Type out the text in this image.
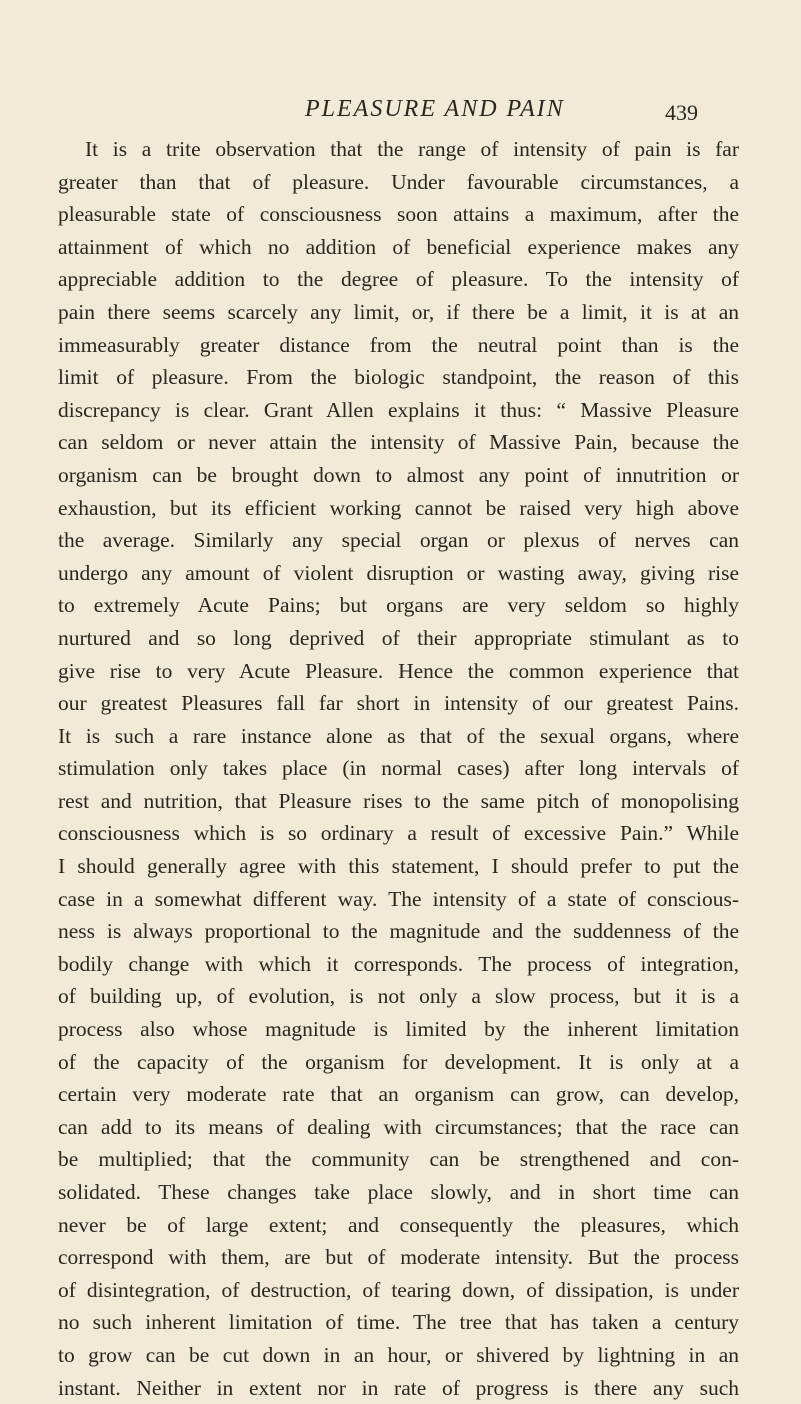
PLEASURE AND PAIN	439
It is a trite observation that the range of intensity of pain is far
greater than that of pleasure. Under favourable circumstances, a
pleasurable state of consciousness soon attains a maximum, after the
attainment of which no addition of beneficial experience makes any
appreciable addition to the degree of pleasure. To the intensity of
pain there seems scarcely any limit, or, if there be a limit, it is at an
immeasurably greater distance from the neutral point than is the
limit of pleasure. From the biologic standpoint, the reason of this
discrepancy is clear. Grant Allen explains it thus: “ Massive Pleasure
can seldom or never attain the intensity of Massive Pain, because the
organism can be brought down to almost any point of innutrition or
exhaustion, but its efficient working cannot be raised very high above
the average. Similarly any special organ or plexus of nerves can
undergo any amount of violent disruption or wasting away, giving rise
to extremely Acute Pains; but organs are very seldom so highly
nurtured and so long deprived of their appropriate stimulant as to
give rise to very Acute Pleasure. Hence the common experience that
our greatest Pleasures fall far short in intensity of our greatest Pains.
It is such a rare instance alone as that of the sexual organs, where
stimulation only takes place (in normal cases) after long intervals of
rest and nutrition, that Pleasure rises to the same pitch of monopolising
consciousness which is so ordinary a result of excessive Pain.” While
I should generally agree with this statement, I should prefer to put the
case in a somewhat different way. The intensity of a state of conscious-
ness is always proportional to the magnitude and the suddenness of the
bodily change with which it corresponds. The process of integration,
of building up, of evolution, is not only a slow process, but it is a
process also whose magnitude is limited by the inherent limitation
of the capacity of the organism for development. It is only at a
certain very moderate rate that an organism can grow, can develop,
can add to its means of dealing with circumstances; that the race can
be multiplied; that the community can be strengthened and con-
solidated. These changes take place slowly, and in short time can
never be of large extent; and consequently the pleasures, which
correspond with them, are but of moderate intensity. But the process
of disintegration, of destruction, of tearing down, of dissipation, is under
no such inherent limitation of time. The tree that has taken a century
to grow can be cut down in an hour, or shivered by lightning in an
instant. Neither in extent nor in rate of progress is there any such
